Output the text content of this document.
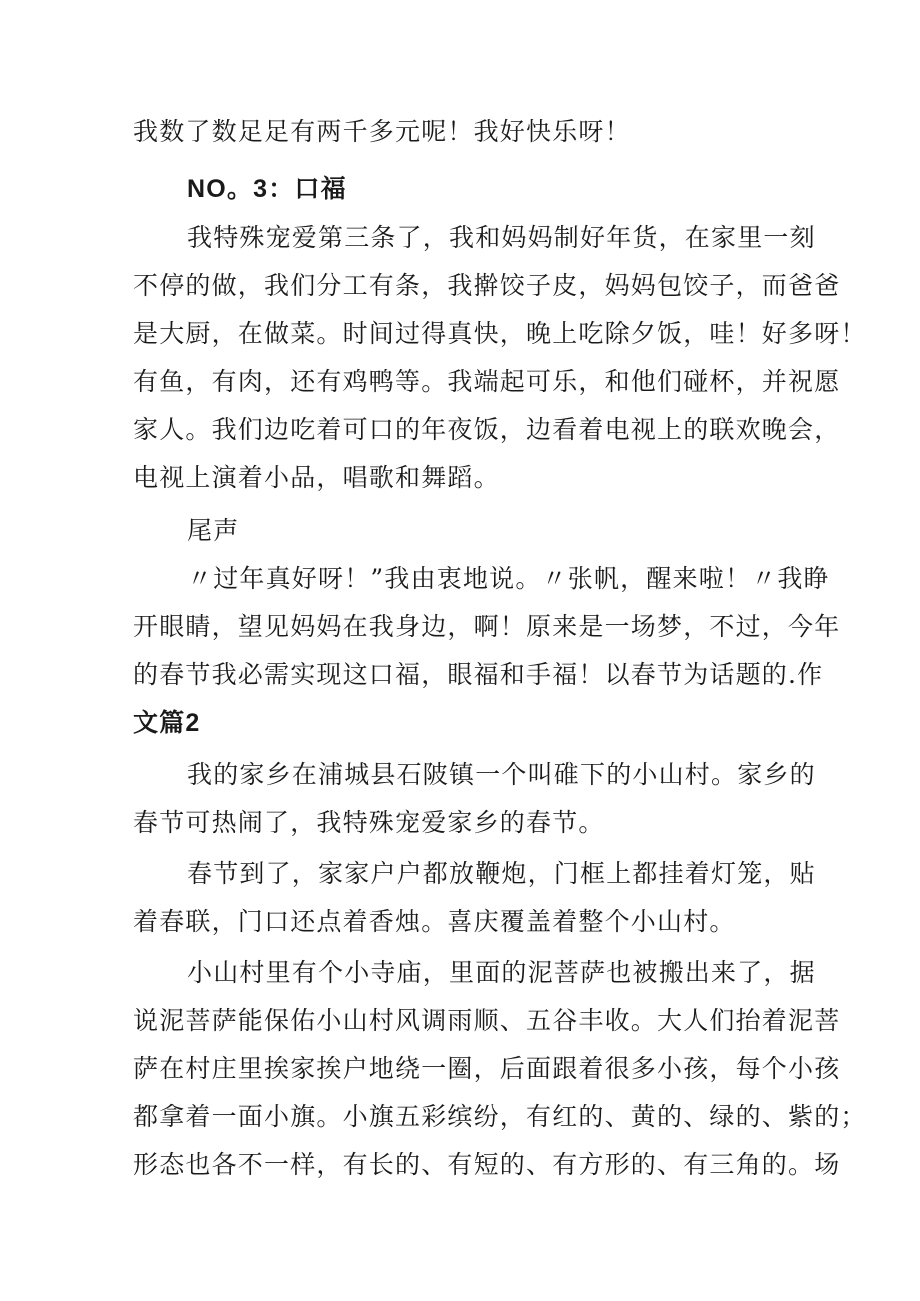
我数了数足足有两千多元呢！我好快乐呀！
NO。3：口福
我特殊宠爱第三条了，我和妈妈制好年货，在家里一刻
不停的做，我们分工有条，我擀饺子皮，妈妈包饺子，而爸爸
是大厨，在做菜。时间过得真快，晚上吃除夕饭，哇！好多呀！
有鱼，有肉，还有鸡鸭等。我端起可乐，和他们碰杯，并祝愿
家人。我们边吃着可口的年夜饭，边看着电视上的联欢晚会，
电视上演着小品，唱歌和舞蹈。
尾声
〃过年真好呀！”我由衷地说。〃张帆，醒来啦！〃我睁
开眼睛，望见妈妈在我身边，啊！原来是一场梦，不过，今年
的春节我必需实现这口福，眼福和手福！以春节为话题的.作
文篇2
我的家乡在浦城县石陂镇一个叫碓下的小山村。家乡的
春节可热闹了，我特殊宠爱家乡的春节。
春节到了，家家户户都放鞭炮，门框上都挂着灯笼，贴
着春联，门口还点着香烛。喜庆覆盖着整个小山村。
小山村里有个小寺庙，里面的泥菩萨也被搬出来了，据
说泥菩萨能保佑小山村风调雨顺、五谷丰收。大人们抬着泥菩
萨在村庄里挨家挨户地绕一圈，后面跟着很多小孩，每个小孩
都拿着一面小旗。小旗五彩缤纷，有红的、黄的、绿的、紫的；
形态也各不一样，有长的、有短的、有方形的、有三角的。场
